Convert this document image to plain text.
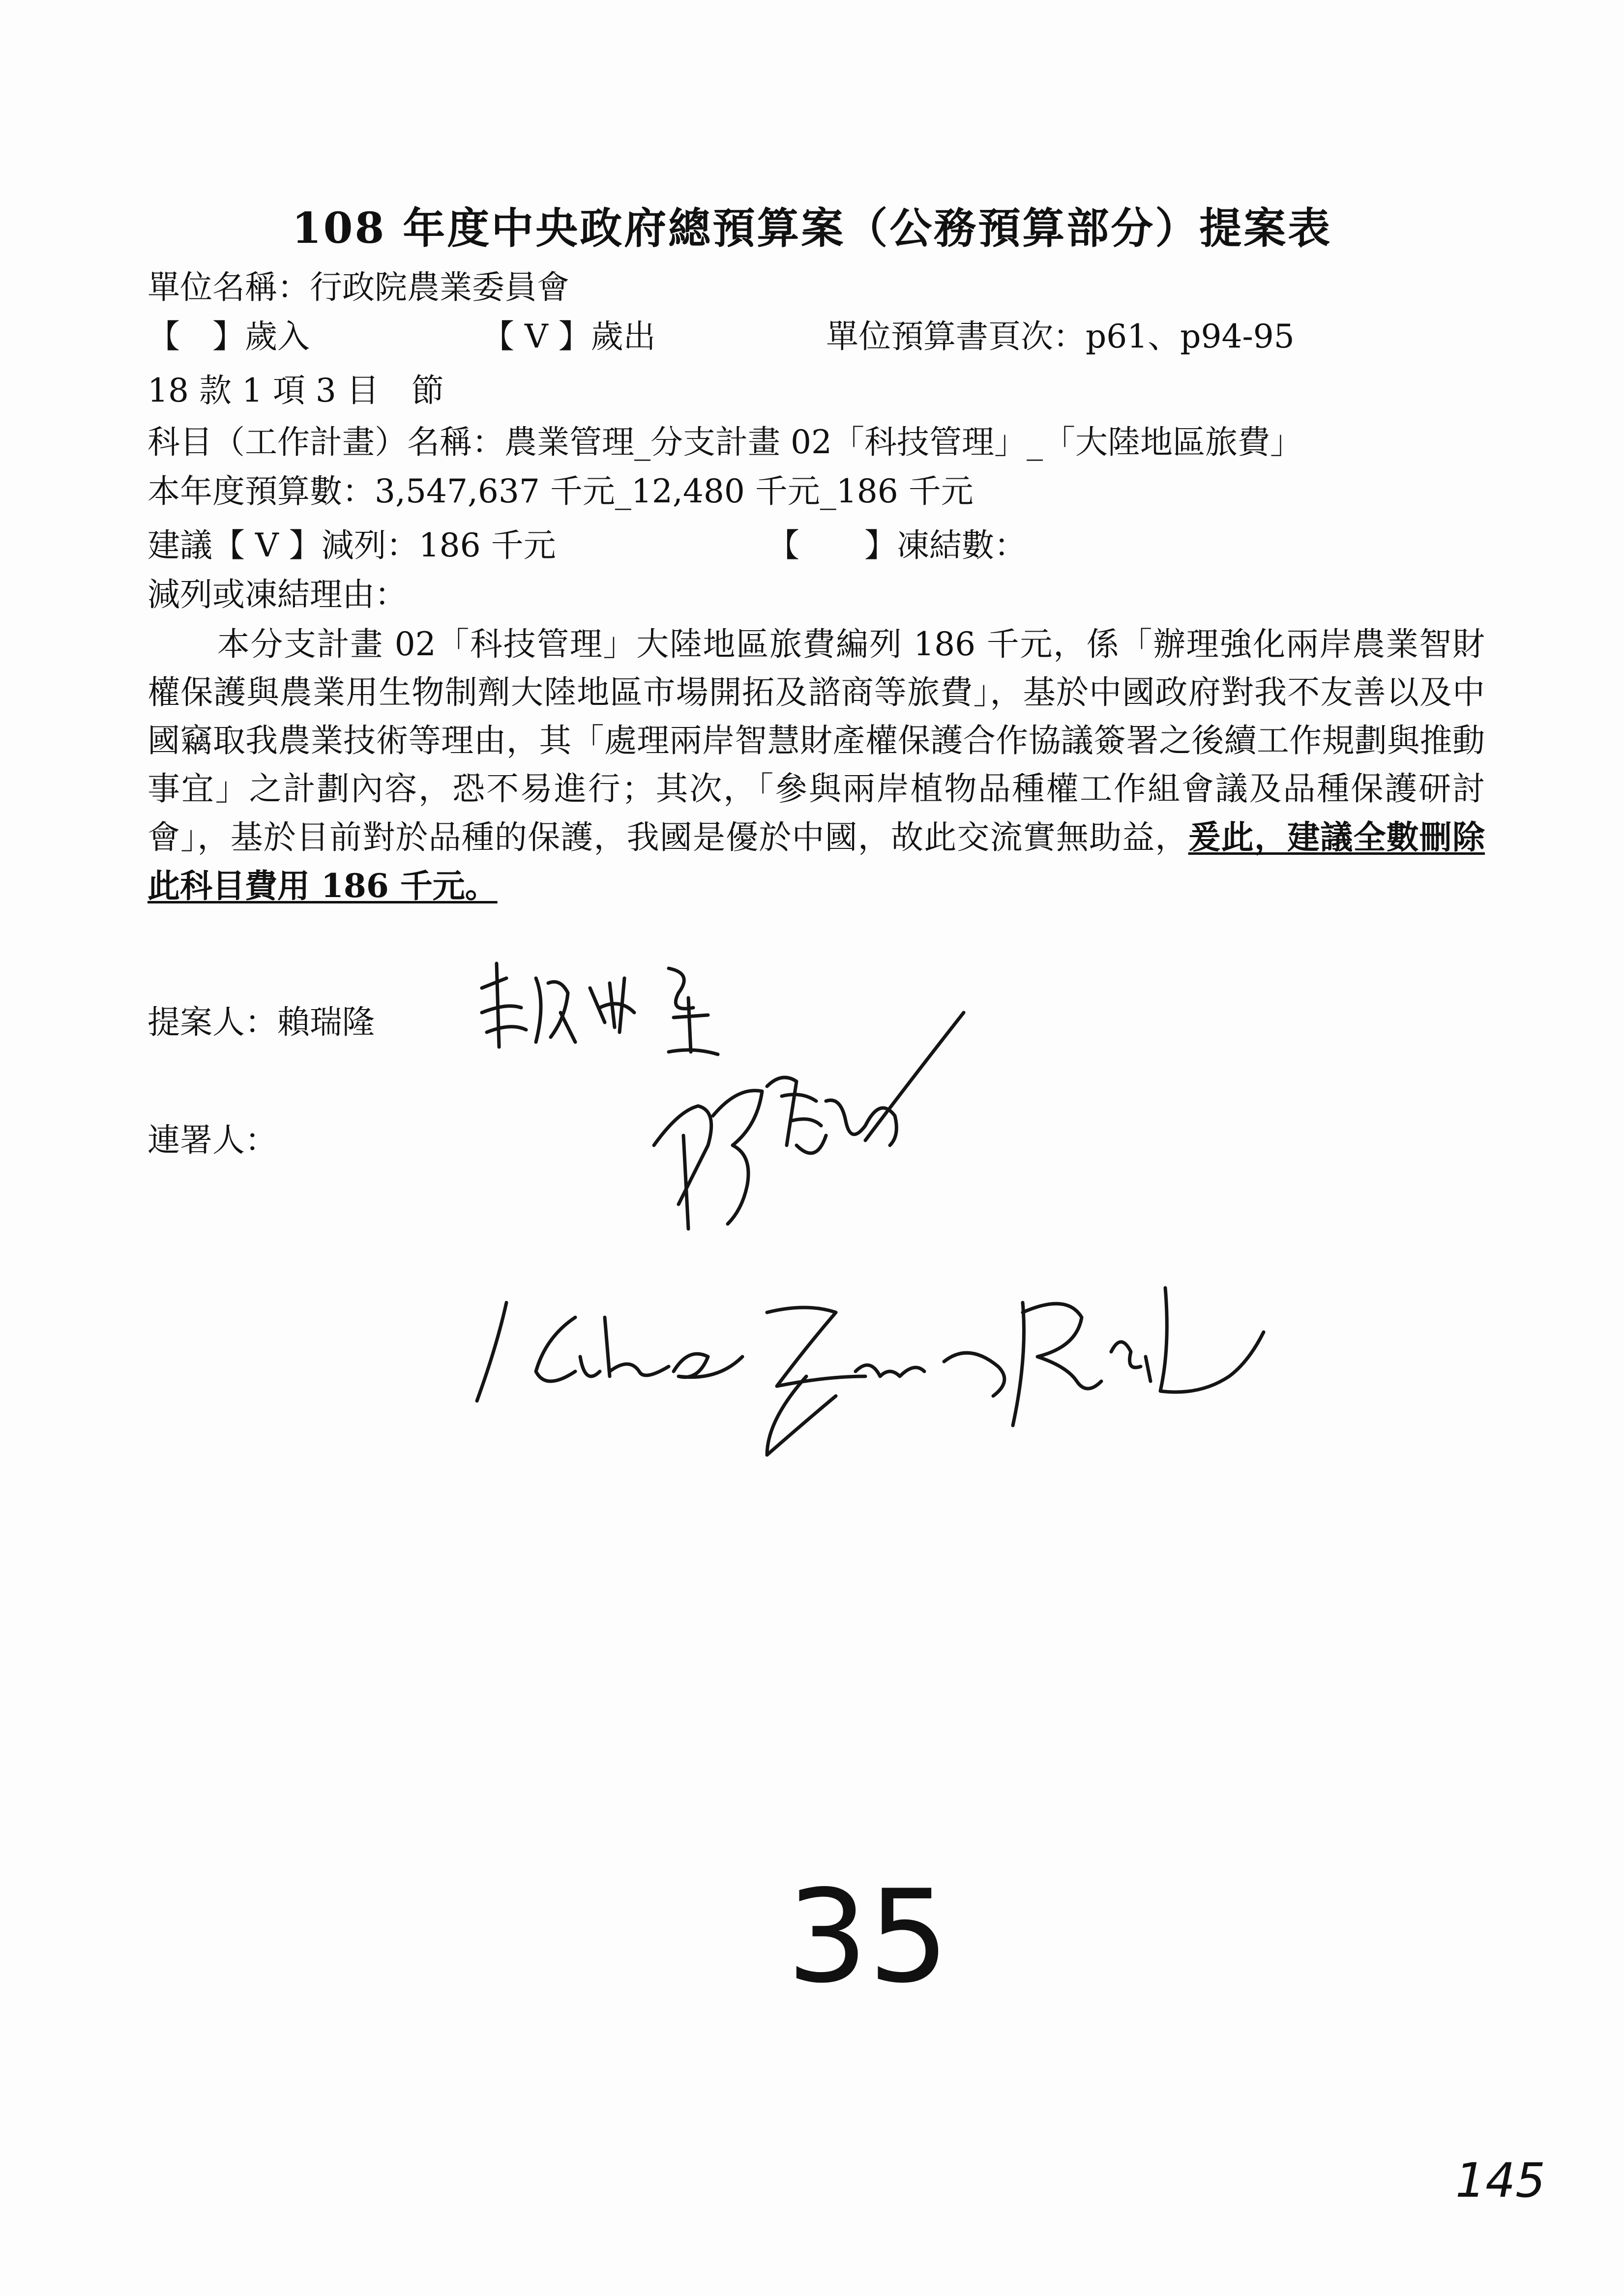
108 年度中央政府總預算案（公務預算部分）提案表
單位名稱：行政院農業委員會
【　】歲入	【 V 】歲出	單位預算書頁次：p61、p94-95
18 款 1 項 3 目　節
科目（工作計畫）名稱：農業管理_分支計畫 02「科技管理」_「大陸地區旅費」
本年度預算數：3,547,637 千元_12,480 千元_186 千元
建議【 V 】減列：186 千元	【　　】凍結數：
減列或凍結理由：
本分支計畫 02「科技管理」大陸地區旅費編列 186 千元，係「辦理強化兩岸農業智財權保護與農業用生物制劑大陸地區市場開拓及諮商等旅費」，基於中國政府對我不友善以及中國竊取我農業技術等理由，其「處理兩岸智慧財產權保護合作協議簽署之後續工作規劃與推動事宜」之計劃內容，恐不易進行；其次，「參與兩岸植物品種權工作組會議及品種保護研討會」，基於目前對於品種的保護，我國是優於中國，故此交流實無助益，爰此，建議全數刪除此科目費用 186 千元。
提案人：賴瑞隆
連署人：
35
145
